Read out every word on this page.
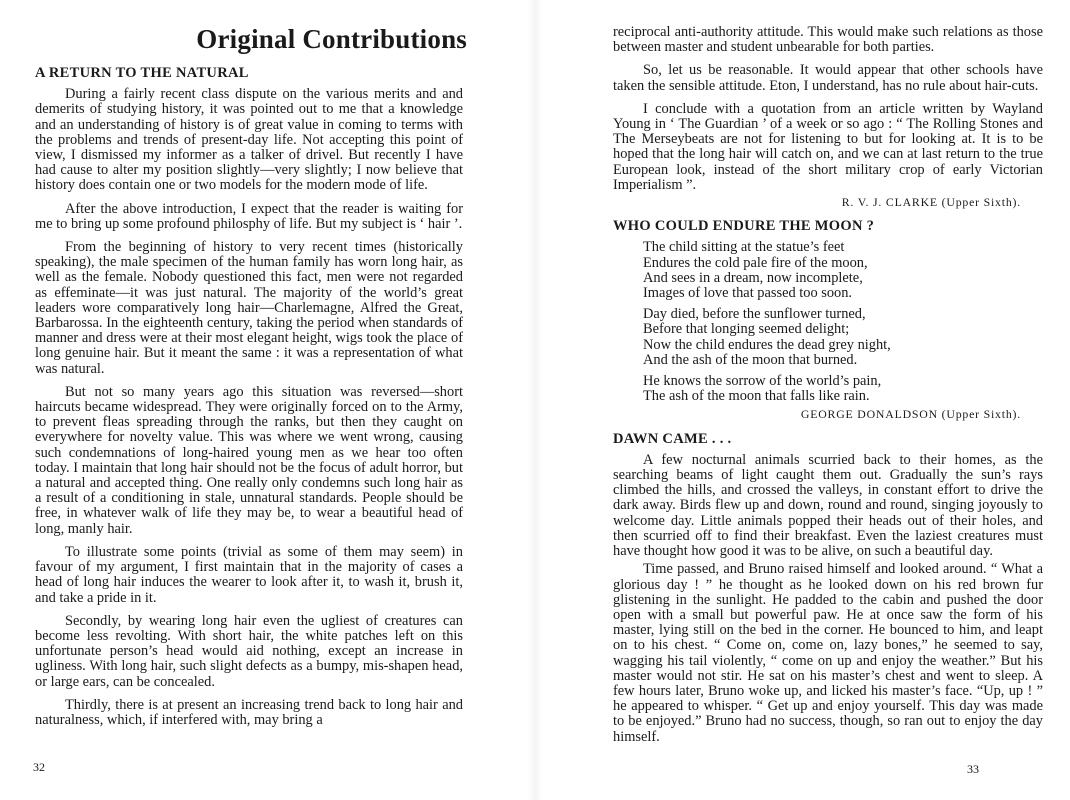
Original Contributions
A RETURN TO THE NATURAL

During a fairly recent class dispute on the various merits and and demerits of studying history, it was pointed out to me that a knowledge and an understanding of history is of great value in coming to terms with the problems and trends of present-day life. Not accepting this point of view, I dismissed my informer as a talker of drivel. But recently I have had cause to alter my position slightly—very slightly; I now believe that history does contain one or two models for the modern mode of life.

After the above introduction, I expect that the reader is waiting for me to bring up some profound philosphy of life. But my subject is ‘ hair ’.

From the beginning of history to very recent times (historically speaking), the male specimen of the human family has worn long hair, as well as the female. Nobody questioned this fact, men were not regarded as effeminate—it was just natural. The majority of the world’s great leaders wore comparatively long hair—Charlemagne, Alfred the Great, Barbarossa. In the eighteenth century, taking the period when standards of manner and dress were at their most elegant height, wigs took the place of long genuine hair. But it meant the same : it was a representation of what was natural.

But not so many years ago this situation was reversed—short haircuts became widespread. They were originally forced on to the Army, to prevent fleas spreading through the ranks, but then they caught on everywhere for novelty value. This was where we went wrong, causing such condemnations of long-haired young men as we hear too often today. I maintain that long hair should not be the focus of adult horror, but a natural and accepted thing. One really only condemns such long hair as a result of a conditioning in stale, unnatural standards. People should be free, in whatever walk of life they may be, to wear a beautiful head of long, manly hair.

To illustrate some points (trivial as some of them may seem) in favour of my argument, I first maintain that in the majority of cases a head of long hair induces the wearer to look after it, to wash it, brush it, and take a pride in it.

Secondly, by wearing long hair even the ugliest of creatures can become less revolting. With short hair, the white patches left on this unfortunate person’s head would aid nothing, except an increase in ugliness. With long hair, such slight defects as a bumpy, mis-shapen head, or large ears, can be concealed.

Thirdly, there is at present an increasing trend back to long hair and naturalness, which, if interfered with, may bring a

32

reciprocal anti-authority attitude. This would make such relations as those between master and student unbearable for both parties.

So, let us be reasonable. It would appear that other schools have taken the sensible attitude. Eton, I understand, has no rule about hair-cuts.

I conclude with a quotation from an article written by Wayland Young in ‘ The Guardian ’ of a week or so ago : “ The Rolling Stones and The Merseybeats are not for listening to but for looking at. It is to be hoped that the long hair will catch on, and we can at last return to the true European look, instead of the short military crop of early Victorian Imperialism ”.

R. V. J. CLARKE (Upper Sixth).
WHO COULD ENDURE THE MOON ?
The child sitting at the statue’s feet
Endures the cold pale fire of the moon,
And sees in a dream, now incomplete,
Images of love that passed too soon.
Day died, before the sunflower turned,
Before that longing seemed delight;
Now the child endures the dead grey night,
And the ash of the moon that burned.
He knows the sorrow of the world’s pain,
The ash of the moon that falls like rain.
GEORGE DONALDSON (Upper Sixth).
DAWN CAME . . .

A few nocturnal animals scurried back to their homes, as the searching beams of light caught them out. Gradually the sun’s rays climbed the hills, and crossed the valleys, in constant effort to drive the dark away. Birds flew up and down, round and round, singing joyously to welcome day. Little animals popped their heads out of their holes, and then scurried off to find their breakfast. Even the laziest creatures must have thought how good it was to be alive, on such a beautiful day.

Time passed, and Bruno raised himself and looked around. “ What a glorious day ! ” he thought as he looked down on his red brown fur glistening in the sunlight. He padded to the cabin and pushed the door open with a small but powerful paw. He at once saw the form of his master, lying still on the bed in the corner. He bounced to him, and leapt on to his chest. “ Come on, come on, lazy bones,” he seemed to say, wagging his tail violently, “ come on up and enjoy the weather.” But his master would not stir. He sat on his master’s chest and went to sleep. A few hours later, Bruno woke up, and licked his master’s face. “Up, up ! ” he appeared to whisper. “ Get up and enjoy yourself. This day was made to be enjoyed.” Bruno had no success, though, so ran out to enjoy the day himself.

33
